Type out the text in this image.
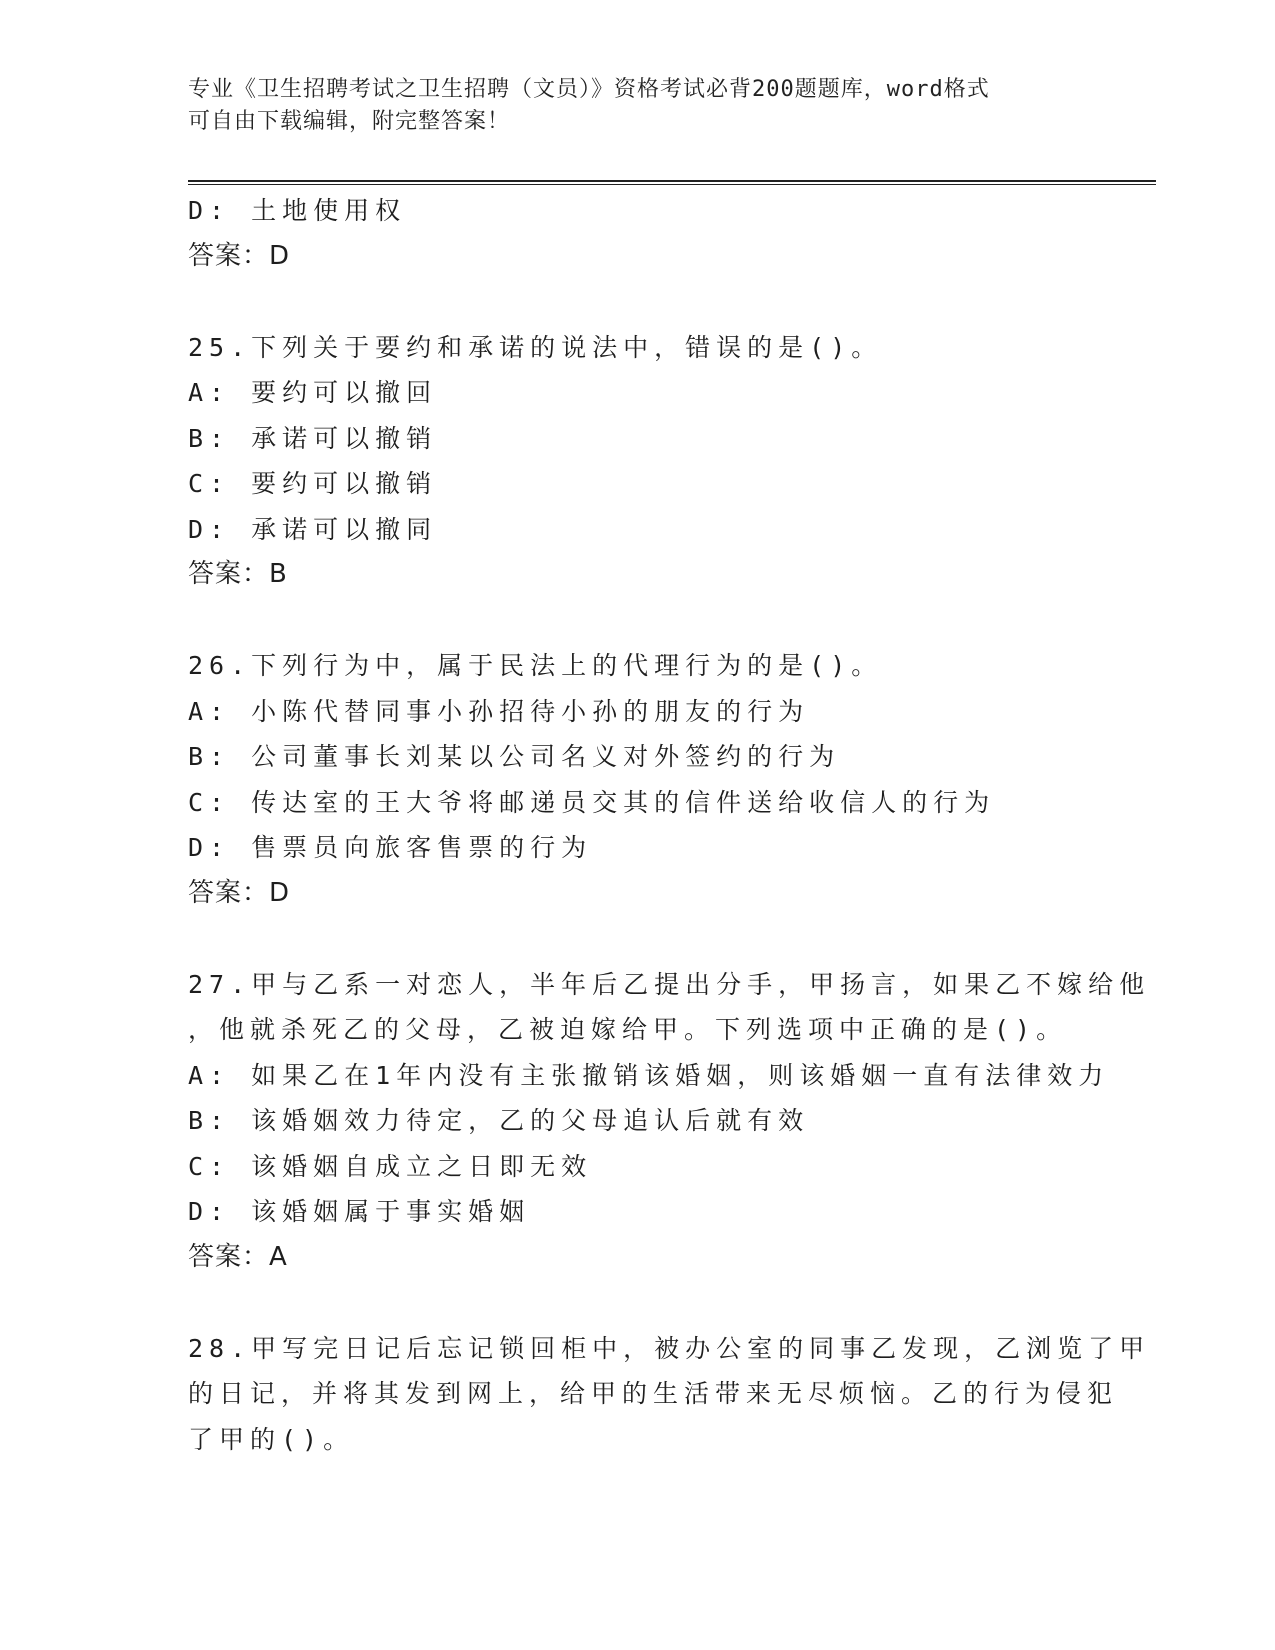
专业《卫生招聘考试之卫生招聘（文员）》资格考试必背200题题库，word格式
可自由下载编辑，附完整答案！
D: 土地使用权
答案：D
25.下列关于要约和承诺的说法中，错误的是()。
A: 要约可以撤回
B: 承诺可以撤销
C: 要约可以撤销
D: 承诺可以撤同
答案：B
26.下列行为中，属于民法上的代理行为的是()。
A: 小陈代替同事小孙招待小孙的朋友的行为
B: 公司董事长刘某以公司名义对外签约的行为
C: 传达室的王大爷将邮递员交其的信件送给收信人的行为
D: 售票员向旅客售票的行为
答案：D
27.甲与乙系一对恋人，半年后乙提出分手，甲扬言，如果乙不嫁给他
，他就杀死乙的父母，乙被迫嫁给甲。下列选项中正确的是()。
A: 如果乙在1年内没有主张撤销该婚姻，则该婚姻一直有法律效力
B: 该婚姻效力待定，乙的父母追认后就有效
C: 该婚姻自成立之日即无效
D: 该婚姻属于事实婚姻
答案：A
28.甲写完日记后忘记锁回柜中，被办公室的同事乙发现，乙浏览了甲
的日记，并将其发到网上，给甲的生活带来无尽烦恼。乙的行为侵犯
了甲的()。
